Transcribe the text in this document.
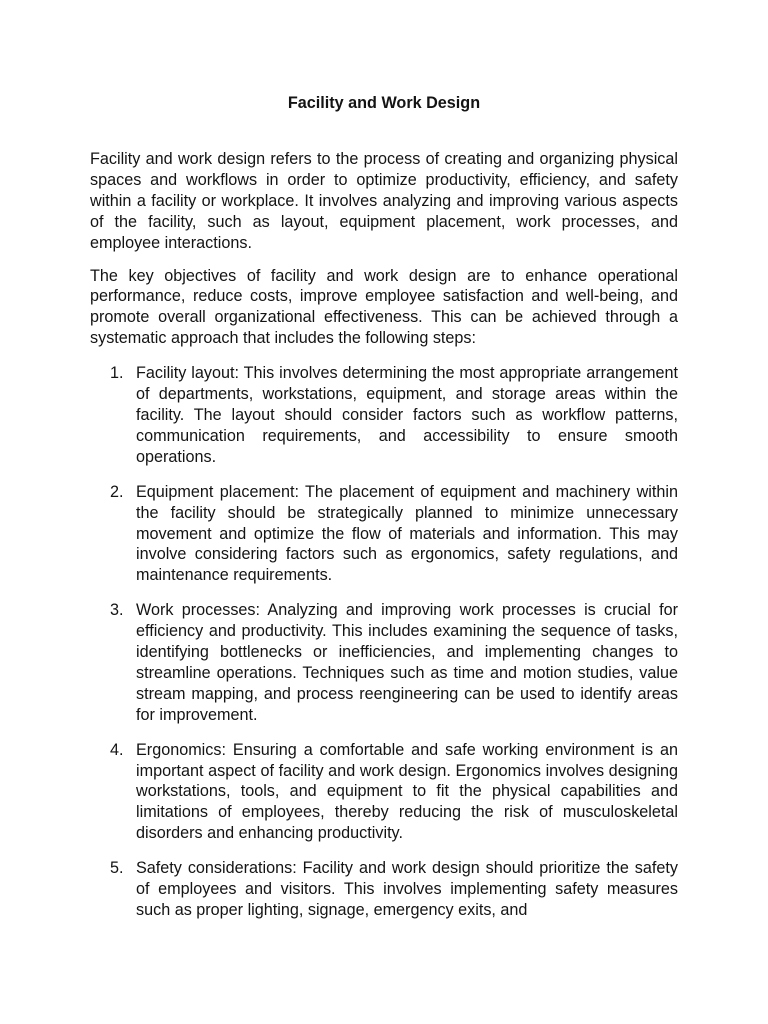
Facility and Work Design

Facility and work design refers to the process of creating and organizing physical spaces and workflows in order to optimize productivity, efficiency, and safety within a facility or workplace. It involves analyzing and improving various aspects of the facility, such as layout, equipment placement, work processes, and employee interactions.

The key objectives of facility and work design are to enhance operational performance, reduce costs, improve employee satisfaction and well-being, and promote overall organizational effectiveness. This can be achieved through a systematic approach that includes the following steps:

1. Facility layout: This involves determining the most appropriate arrangement of departments, workstations, equipment, and storage areas within the facility. The layout should consider factors such as workflow patterns, communication requirements, and accessibility to ensure smooth operations.
2. Equipment placement: The placement of equipment and machinery within the facility should be strategically planned to minimize unnecessary movement and optimize the flow of materials and information. This may involve considering factors such as ergonomics, safety regulations, and maintenance requirements.
3. Work processes: Analyzing and improving work processes is crucial for efficiency and productivity. This includes examining the sequence of tasks, identifying bottlenecks or inefficiencies, and implementing changes to streamline operations. Techniques such as time and motion studies, value stream mapping, and process reengineering can be used to identify areas for improvement.
4. Ergonomics: Ensuring a comfortable and safe working environment is an important aspect of facility and work design. Ergonomics involves designing workstations, tools, and equipment to fit the physical capabilities and limitations of employees, thereby reducing the risk of musculoskeletal disorders and enhancing productivity.
5. Safety considerations: Facility and work design should prioritize the safety of employees and visitors. This involves implementing safety measures such as proper lighting, signage, emergency exits, and
